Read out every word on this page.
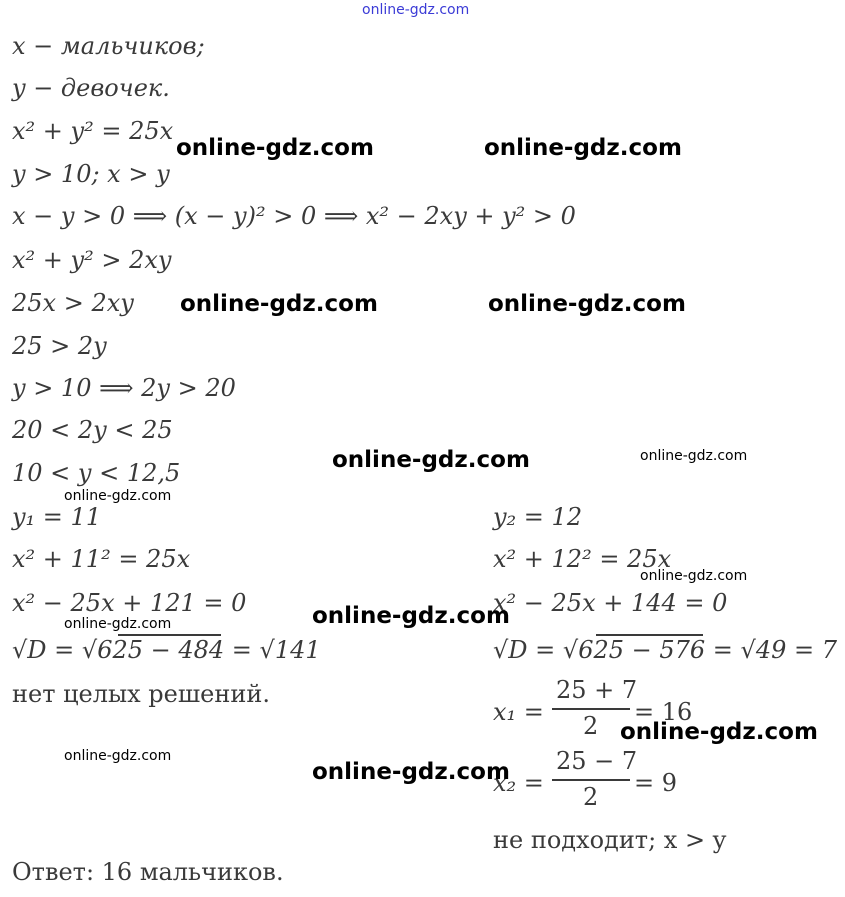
online-gdz.com
x − мальчиков;
y − девочек.
x² + y² = 25x
y > 10; x > y
x − y > 0 ⟹ (x − y)² > 0 ⟹ x² − 2xy + y² > 0
x² + y² > 2xy
25x > 2xy
25 > 2y
y > 10 ⟹ 2y > 20
20 < 2y < 25
10 < y < 12,5
y₁ = 11
x² + 11² = 25x
x² − 25x + 121 = 0
√D = √625 − 484 = √141
нет целых решений.
y₂ = 12
x² + 12² = 25x
x² − 25x + 144 = 0
√D = √625 − 576 = √49 = 7
x₁ =
25 + 7
2 = 16
x₂ =
25 − 7
2 = 9
не подходит; x > y
Ответ: 16 мальчиков.
online-gdz.com	online-gdz.com
online-gdz.com	online-gdz.com
online-gdz.com
online-gdz.com
online-gdz.com
online-gdz.com
online-gdz.com
online-gdz.com
online-gdz.com
online-gdz.com
online-gdz.com
